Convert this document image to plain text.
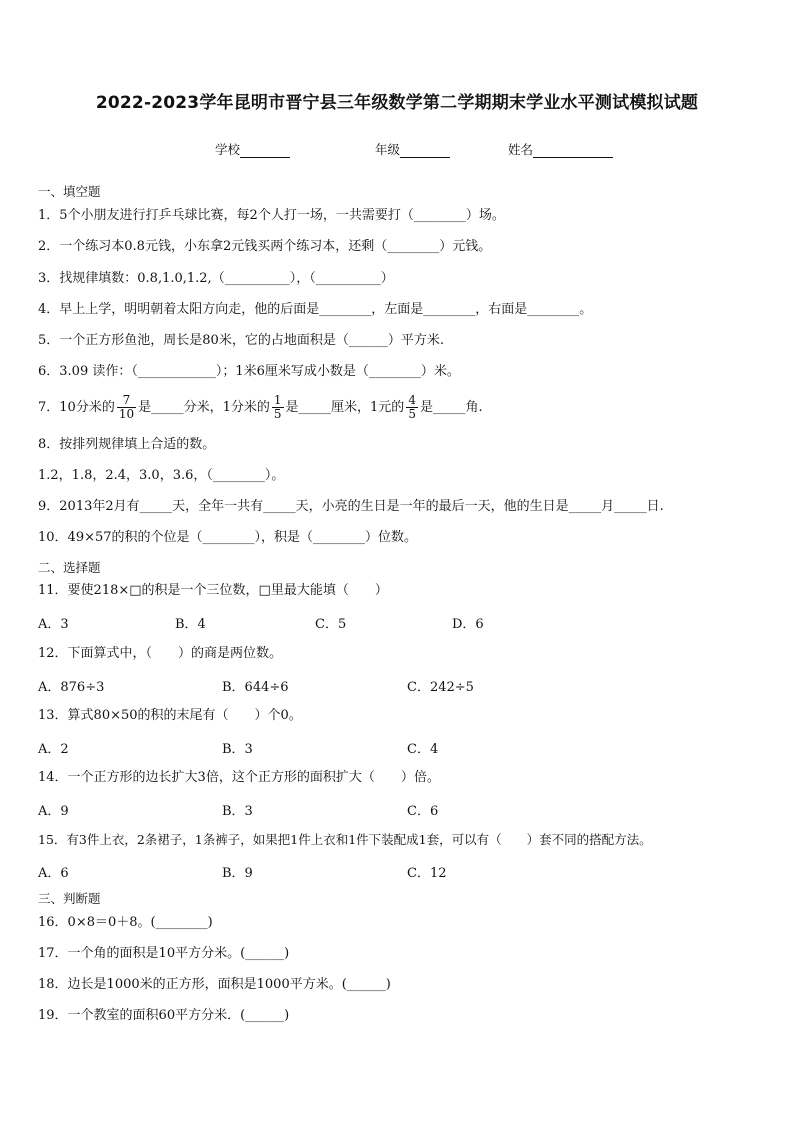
2022-2023学年昆明市晋宁县三年级数学第二学期期末学业水平测试模拟试题
学校	年级	姓名
一、填空题
1．5个小朋友进行打乒乓球比赛，每2个人打一场，一共需要打（________）场。
2．一个练习本0.8元钱，小东拿2元钱买两个练习本，还剩（________）元钱。
3．找规律填数：0.8,1.0,1.2,（__________），（__________）
4．早上上学，明明朝着太阳方向走，他的后面是________，左面是________，右面是________。
5．一个正方形鱼池，周长是80米，它的占地面积是（______）平方米.
6．3.09 读作：（____________）；1米6厘米写成小数是（________）米。
7．10分米的 $\frac{7}{10}$ 是_____分米，1分米的 $\frac{1}{5}$ 是_____厘米，1元的 $\frac{4}{5}$ 是_____角.
8．按排列规律填上合适的数。
1.2，1.8，2.4，3.0，3.6，（________）。
9．2013年2月有_____天，全年一共有_____天，小亮的生日是一年的最后一天，他的生日是_____月_____日.
10．49×57的积的个位是（________），积是（________）位数。
二、选择题
11．要使218×□的积是一个三位数，□里最大能填（　　）
A．3	B．4	C．5	D．6
12．下面算式中，（　　）的商是两位数。
A．876÷3	B．644÷6	C．242÷5
13．算式80×50的积的末尾有（　　）个0。
A．2	B．3	C．4
14．一个正方形的边长扩大3倍，这个正方形的面积扩大（　　）倍。
A．9	B．3	C．6
15．有3件上衣，2条裙子，1条裤子，如果把1件上衣和1件下装配成1套，可以有（　　）套不同的搭配方法。
A．6	B．9	C．12
三、判断题
16．0×8＝0＋8。(________)
17．一个角的面积是10平方分米。(______)
18．边长是1000米的正方形，面积是1000平方米。(______)
19．一个教室的面积60平方分米．(______)
